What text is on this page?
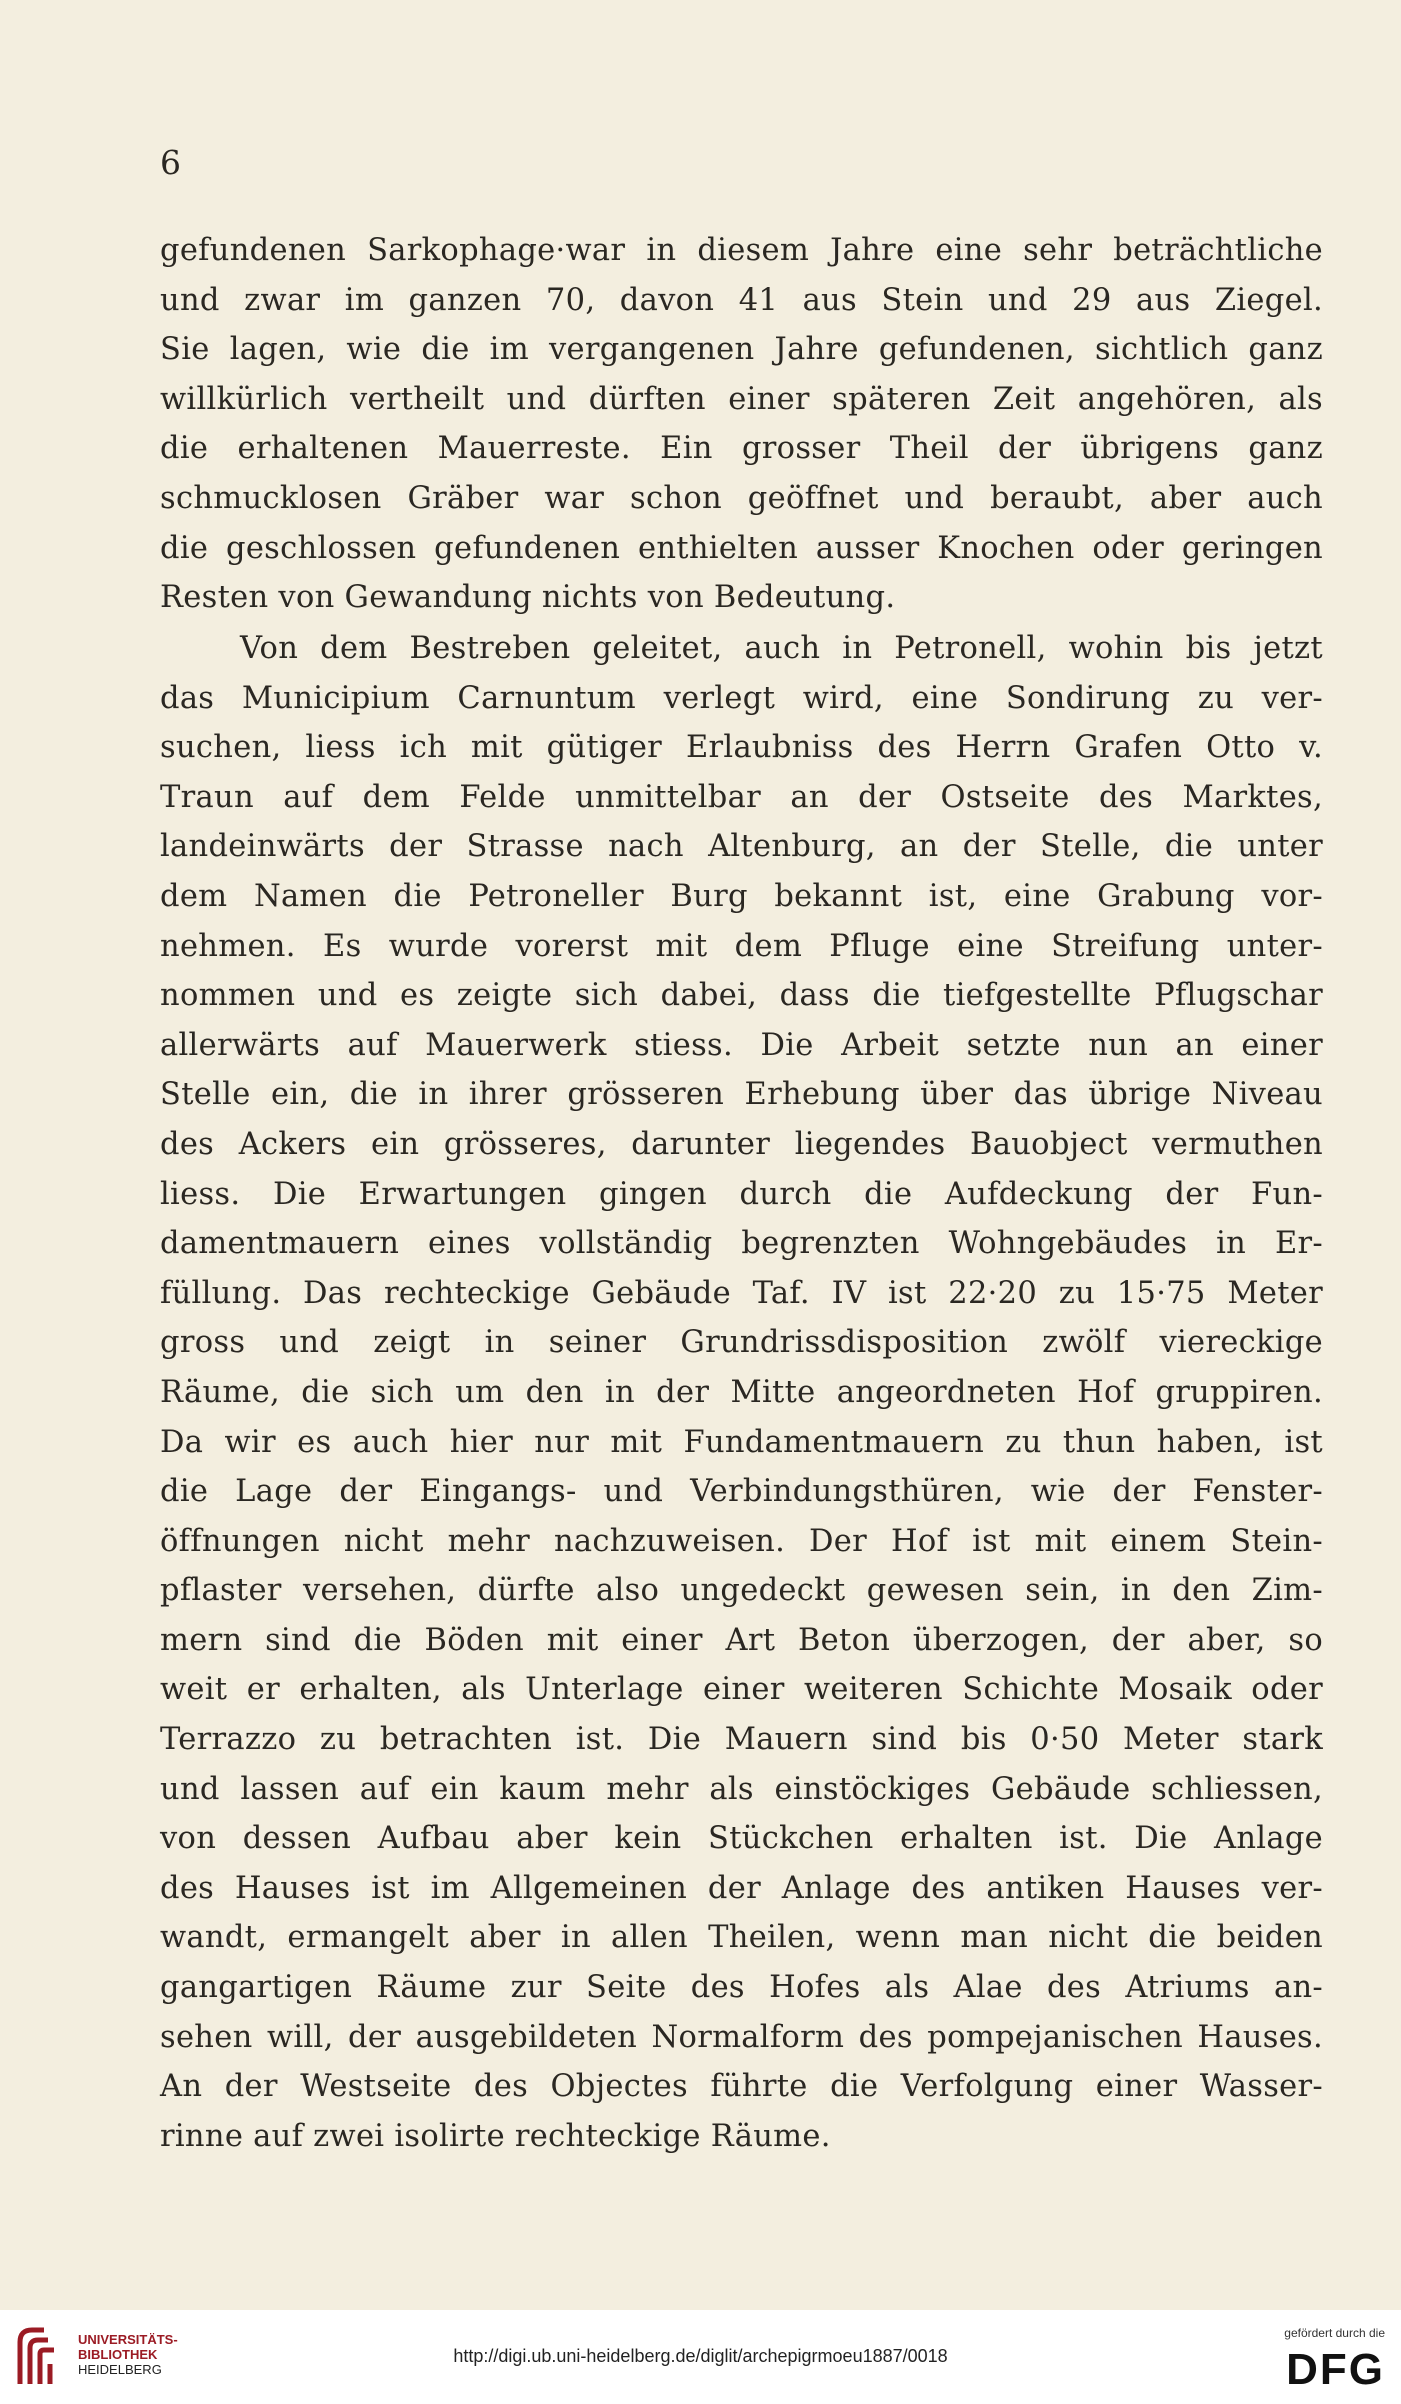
6
gefundenen Sarkophage·war in diesem Jahre eine sehr beträchtliche
und zwar im ganzen 70, davon 41 aus Stein und 29 aus Ziegel.
Sie lagen, wie die im vergangenen Jahre gefundenen, sichtlich ganz
willkürlich vertheilt und dürften einer späteren Zeit angehören, als
die erhaltenen Mauerreste. Ein grosser Theil der übrigens ganz
schmucklosen Gräber war schon geöffnet und beraubt, aber auch
die geschlossen gefundenen enthielten ausser Knochen oder geringen
Resten von Gewandung nichts von Bedeutung.
Von dem Bestreben geleitet, auch in Petronell, wohin bis jetzt
das Municipium Carnuntum verlegt wird, eine Sondirung zu ver-
suchen, liess ich mit gütiger Erlaubniss des Herrn Grafen Otto v.
Traun auf dem Felde unmittelbar an der Ostseite des Marktes,
landeinwärts der Strasse nach Altenburg, an der Stelle, die unter
dem Namen die Petroneller Burg bekannt ist, eine Grabung vor-
nehmen. Es wurde vorerst mit dem Pfluge eine Streifung unter-
nommen und es zeigte sich dabei, dass die tiefgestellte Pflugschar
allerwärts auf Mauerwerk stiess. Die Arbeit setzte nun an einer
Stelle ein, die in ihrer grösseren Erhebung über das übrige Niveau
des Ackers ein grösseres, darunter liegendes Bauobject vermuthen
liess. Die Erwartungen gingen durch die Aufdeckung der Fun-
damentmauern eines vollständig begrenzten Wohngebäudes in Er-
füllung. Das rechteckige Gebäude Taf. IV ist 22·20 zu 15·75 Meter
gross und zeigt in seiner Grundrissdisposition zwölf viereckige
Räume, die sich um den in der Mitte angeordneten Hof gruppiren.
Da wir es auch hier nur mit Fundamentmauern zu thun haben, ist
die Lage der Eingangs- und Verbindungsthüren, wie der Fenster-
öffnungen nicht mehr nachzuweisen. Der Hof ist mit einem Stein-
pflaster versehen, dürfte also ungedeckt gewesen sein, in den Zim-
mern sind die Böden mit einer Art Beton überzogen, der aber, so
weit er erhalten, als Unterlage einer weiteren Schichte Mosaik oder
Terrazzo zu betrachten ist. Die Mauern sind bis 0·50 Meter stark
und lassen auf ein kaum mehr als einstöckiges Gebäude schliessen,
von dessen Aufbau aber kein Stückchen erhalten ist. Die Anlage
des Hauses ist im Allgemeinen der Anlage des antiken Hauses ver-
wandt, ermangelt aber in allen Theilen, wenn man nicht die beiden
gangartigen Räume zur Seite des Hofes als Alae des Atriums an-
sehen will, der ausgebildeten Normalform des pompejanischen Hauses.
An der Westseite des Objectes führte die Verfolgung einer Wasser-
rinne auf zwei isolirte rechteckige Räume.
UNIVERSITÄTS-
BIBLIOTHEK
HEIDELBERG
http://digi.ub.uni-heidelberg.de/diglit/archepigrmoeu1887/0018
gefördert durch die
DFG
